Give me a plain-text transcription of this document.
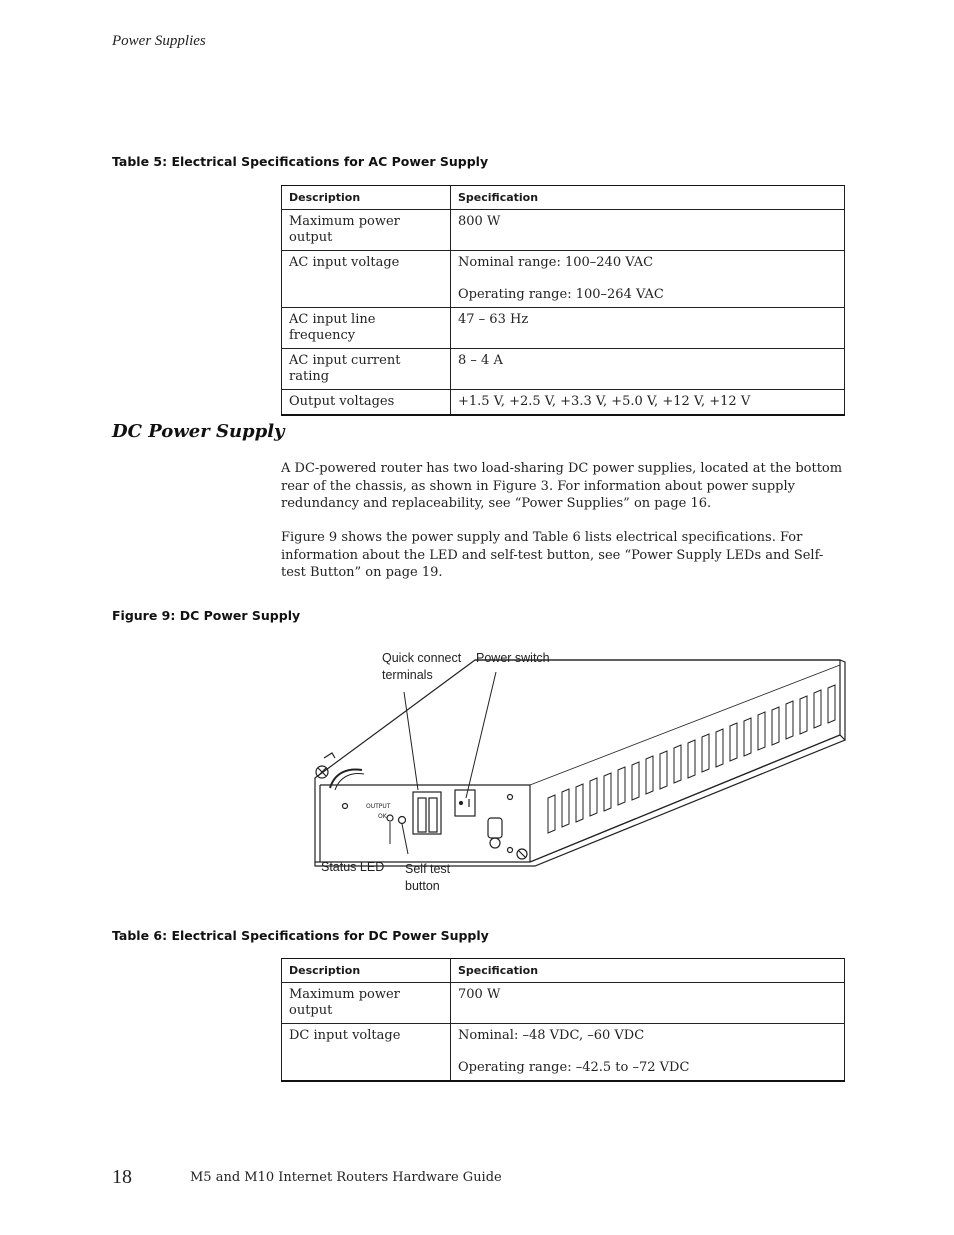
Power Supplies
Table 5: Electrical Specifications for AC Power Supply
Description	Specification
Maximum power output	800 W
AC input voltage	Nominal range: 100–240 VAC
Operating range: 100–264 VAC

AC input line frequency	47 – 63 Hz
AC input current rating	8 – 4 A
Output voltages	+1.5 V, +2.5 V, +3.3 V, +5.0 V, +12 V, +12 V
DC Power Supply

A DC-powered router has two load-sharing DC power supplies, located at the bottom rear of the chassis, as shown in Figure 3. For information about power supply redundancy and replaceability, see “Power Supplies” on page 16.

Figure 9 shows the power supply and Table 6 lists electrical specifications. For information about the LED and self-test button, see “Power Supply LEDs and Self-test Button” on page 19.

Figure 9: DC Power Supply
OUTPUT
OK
Quick connect
terminals
Power switch
Status LED Self test
button
Table 6: Electrical Specifications for DC Power Supply
Description	Specification
Maximum power output	700 W
DC input voltage	Nominal: –48 VDC, –60 VDC
Operating range: –42.5 to –72 VDC
18	M5 and M10 Internet Routers Hardware Guide
